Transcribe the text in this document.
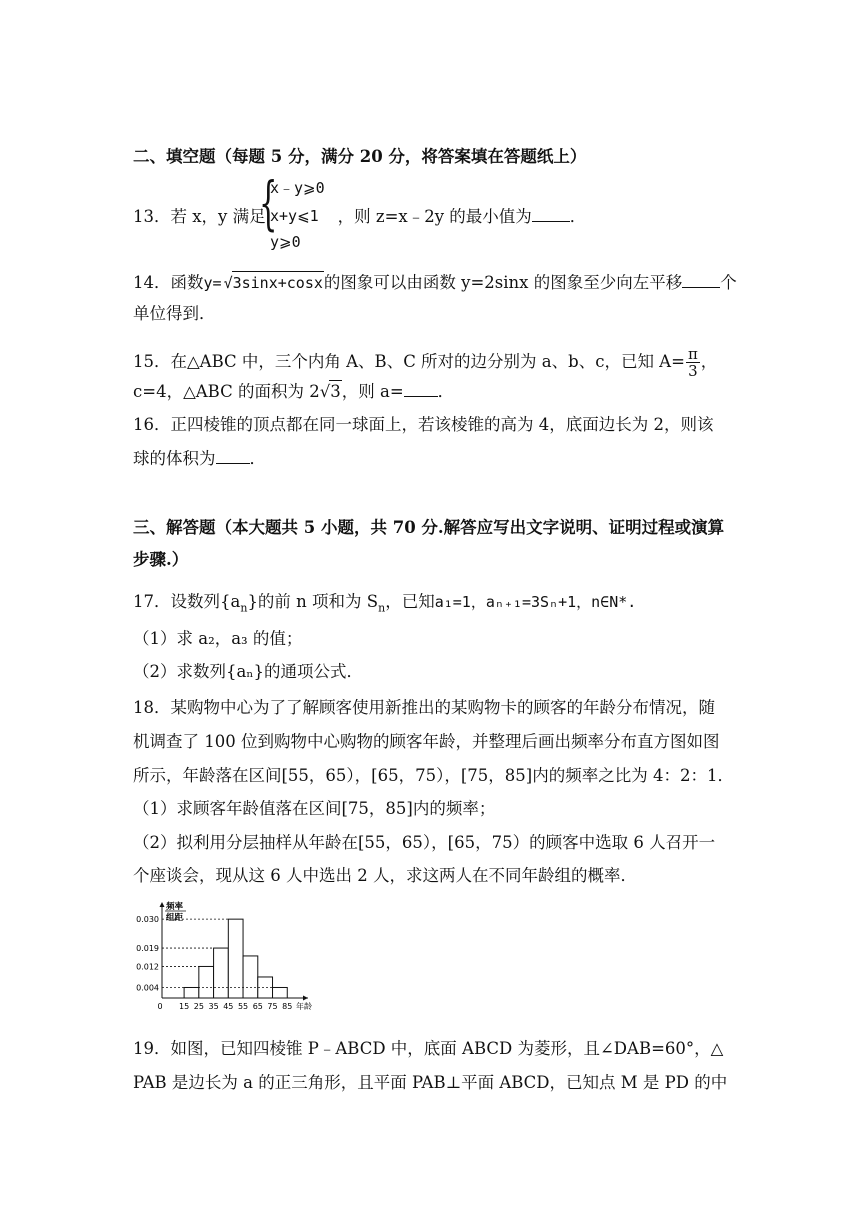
二、填空题（每题 5 分，满分 20 分，将答案填在答题纸上）
13．若 x，y 满足	，则 z=x﹣2y 的最小值为 ．
{
x﹣y⩾0
x+y⩽1
y⩾0
14．函数y= √3sinx+cosx的图象可以由函数 y=2sinx 的图象至少向左平移 个
单位得到．
15．在△ABC 中，三个内角 A、B、C 所对的边分别为 a、b、c，已知 $A= \frac{\pi}{3}$ ，
c=4，△ABC 的面积为 2√3，则 a= ．
16．正四棱锥的顶点都在同一球面上，若该棱锥的高为 4，底面边长为 2，则该
球的体积为 ．
三、解答题（本大题共 5 小题，共 70 分.解答应写出文字说明、证明过程或演算
步骤.）
17．设数列$\{a_n\}$的前 n 项和为 $S_n$，已知a₁=1，aₙ₊₁=3Sₙ+1，n∈N*.
（1）求 a₂，a₃ 的值；
（2）求数列{aₙ}的通项公式．
18．某购物中心为了了解顾客使用新推出的某购物卡的顾客的年龄分布情况，随
机调查了 100 位到购物中心购物的顾客年龄，并整理后画出频率分布直方图如图
所示，年龄落在区间[55，65），[65，75），[75，85]内的频率之比为 4：2：1．
（1）求顾客年龄值落在区间[75，85]内的频率；
（2）拟利用分层抽样从年龄在[55，65），[65，75）的顾客中选取 6 人召开一
个座谈会，现从这 6 人中选出 2 人，求这两人在不同年龄组的概率．
频率
组距
0.030
0.019
0.012
0.004
0 15 25 35 45 55 65 75 85 年龄
19．如图，已知四棱锥 P﹣ABCD 中，底面 ABCD 为菱形，且∠DAB=60°，△
PAB 是边长为 a 的正三角形，且平面 PAB⊥平面 ABCD，已知点 M 是 PD 的中
